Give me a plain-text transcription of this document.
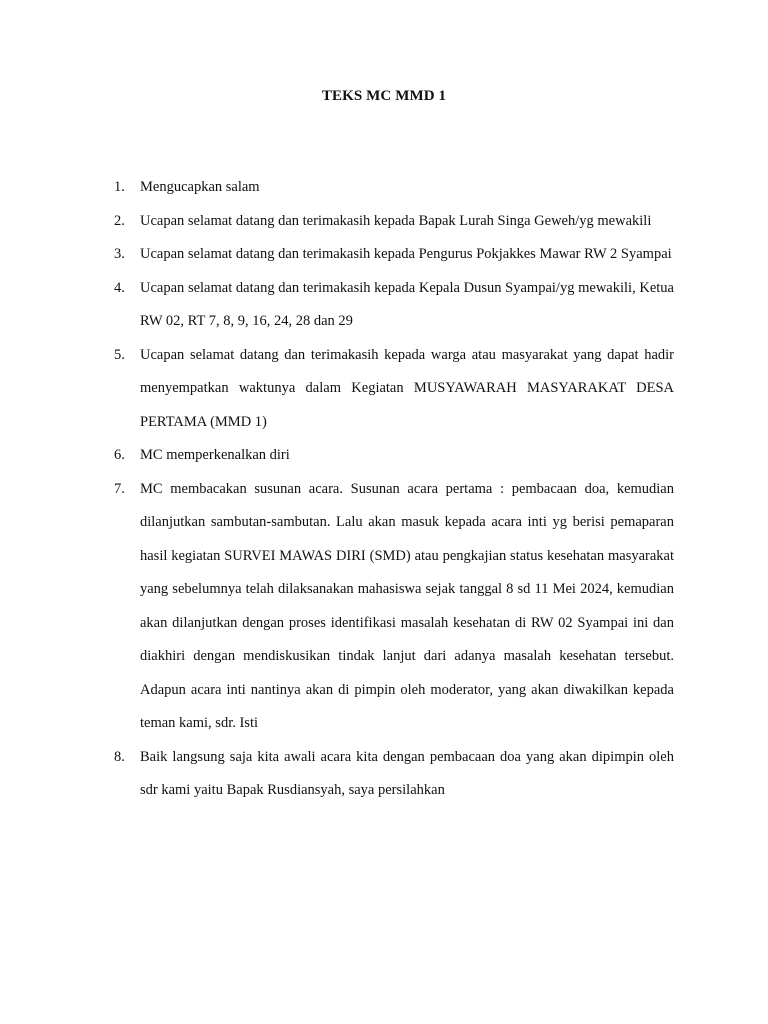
TEKS MC MMD 1
1. Mengucapkan salam
2. Ucapan selamat datang dan terimakasih kepada Bapak Lurah Singa Geweh/yg mewakili
3. Ucapan selamat datang dan terimakasih kepada Pengurus Pokjakkes Mawar RW 2 Syampai
4. Ucapan selamat datang dan terimakasih kepada Kepala Dusun Syampai/yg mewakili, Ketua RW 02, RT 7, 8, 9, 16, 24, 28 dan 29
5. Ucapan selamat datang dan terimakasih kepada warga atau masyarakat yang dapat hadir menyempatkan waktunya dalam Kegiatan MUSYAWARAH MASYARAKAT DESA PERTAMA (MMD 1)
6. MC memperkenalkan diri
7. MC membacakan susunan acara. Susunan acara pertama : pembacaan doa, kemudian dilanjutkan sambutan-sambutan. Lalu akan masuk kepada acara inti yg berisi pemaparan hasil kegiatan SURVEI MAWAS DIRI (SMD) atau pengkajian status kesehatan masyarakat yang sebelumnya telah dilaksanakan mahasiswa sejak tanggal 8 sd 11 Mei 2024, kemudian akan dilanjutkan dengan proses identifikasi masalah kesehatan di RW 02 Syampai ini dan diakhiri dengan mendiskusikan tindak lanjut dari adanya masalah kesehatan tersebut. Adapun acara inti nantinya akan di pimpin oleh moderator, yang akan diwakilkan kepada teman kami, sdr. Isti
8. Baik langsung saja kita awali acara kita dengan pembacaan doa yang akan dipimpin oleh sdr kami yaitu Bapak Rusdiansyah, saya persilahkan
